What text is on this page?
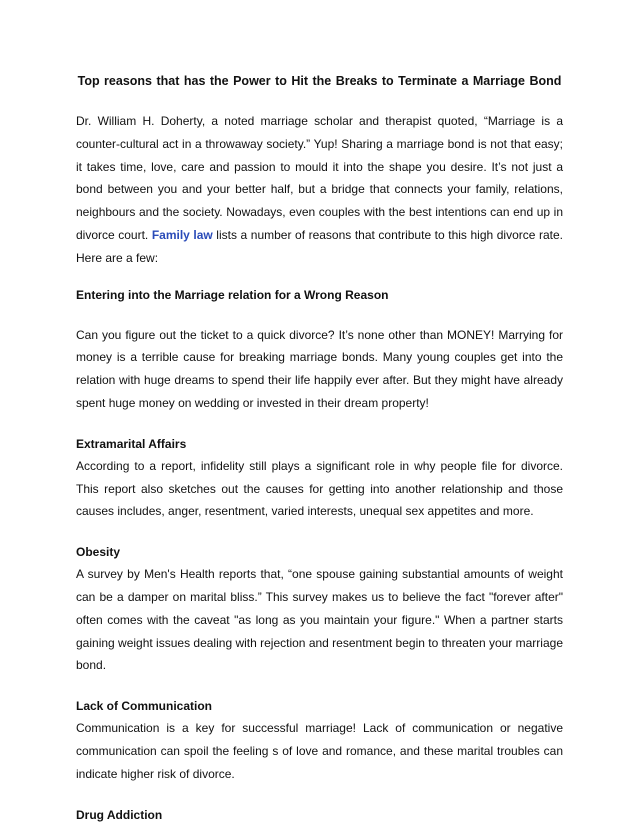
Top reasons that has the Power to Hit the Breaks to Terminate a Marriage Bond

Dr. William H. Doherty, a noted marriage scholar and therapist quoted, “Marriage is a counter-cultural act in a throwaway society.” Yup! Sharing a marriage bond is not that easy; it takes time, love, care and passion to mould it into the shape you desire. It’s not just a bond between you and your better half, but a bridge that connects your family, relations, neighbours and the society. Nowadays, even couples with the best intentions can end up in divorce court. Family law lists a number of reasons that contribute to this high divorce rate. Here are a few:

Entering into the Marriage relation for a Wrong Reason

Can you figure out the ticket to a quick divorce? It’s none other than MONEY! Marrying for money is a terrible cause for breaking marriage bonds. Many young couples get into the relation with huge dreams to spend their life happily ever after. But they might have already spent huge money on wedding or invested in their dream property!

Extramarital Affairs

According to a report, infidelity still plays a significant role in why people file for divorce. This report also sketches out the causes for getting into another relationship and those causes includes, anger, resentment, varied interests, unequal sex appetites and more.

Obesity

A survey by Men's Health reports that, “one spouse gaining substantial amounts of weight can be a damper on marital bliss.” This survey makes us to believe the fact "forever after" often comes with the caveat "as long as you maintain your figure." When a partner starts gaining weight issues dealing with rejection and resentment begin to threaten your marriage bond.

Lack of Communication

Communication is a key for successful marriage! Lack of communication or negative communication can spoil the feeling s of love and romance, and these marital troubles can indicate higher risk of divorce.

Drug Addiction
